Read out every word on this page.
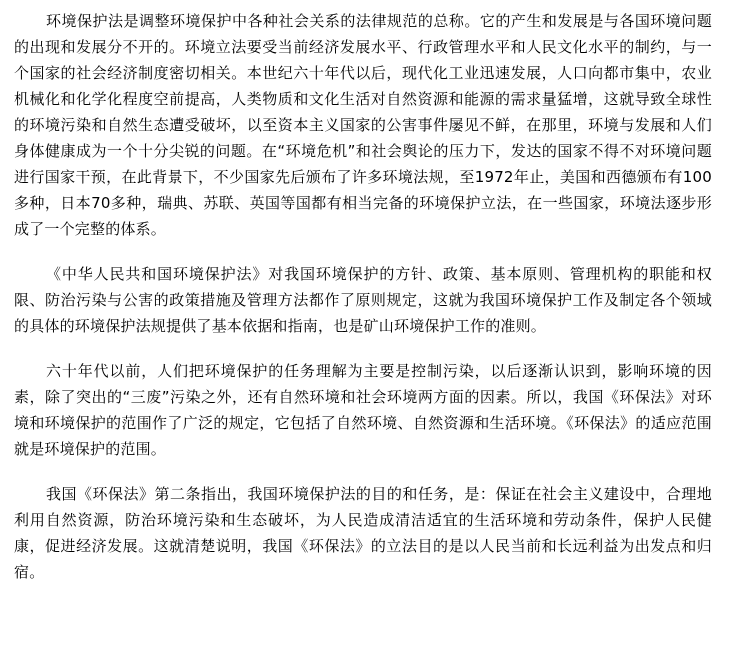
环境保护法是调整环境保护中各种社会关系的法律规范的总称。它的产生和发展是与各国环境问题的出现和发展分不开的。环境立法要受当前经济发展水平、行政管理水平和人民文化水平的制约，与一个国家的社会经济制度密切相关。本世纪六十年代以后，现代化工业迅速发展，人口向都市集中，农业机械化和化学化程度空前提高，人类物质和文化生活对自然资源和能源的需求量猛增，这就导致全球性的环境污染和自然生态遭受破坏，以至资本主义国家的公害事件屡见不鲜，在那里，环境与发展和人们身体健康成为一个十分尖锐的问题。在“环境危机”和社会舆论的压力下，发达的国家不得不对环境问题进行国家干预，在此背景下，不少国家先后颁布了许多环境法规，至1972年止，美国和西德颁布有100多种，日本70多种，瑞典、苏联、英国等国都有相当完备的环境保护立法，在一些国家，环境法逐步形成了一个完整的体系。

《中华人民共和国环境保护法》对我国环境保护的方针、政策、基本原则、管理机构的职能和权限、防治污染与公害的政策措施及管理方法都作了原则规定，这就为我国环境保护工作及制定各个领域的具体的环境保护法规提供了基本依据和指南，也是矿山环境保护工作的准则。

六十年代以前，人们把环境保护的任务理解为主要是控制污染，以后逐渐认识到，影响环境的因素，除了突出的“三废”污染之外，还有自然环境和社会环境两方面的因素。所以，我国《环保法》对环境和环境保护的范围作了广泛的规定，它包括了自然环境、自然资源和生活环境。《环保法》的适应范围就是环境保护的范围。

我国《环保法》第二条指出，我国环境保护法的目的和任务，是：保证在社会主义建设中，合理地利用自然资源，防治环境污染和生态破坏，为人民造成清洁适宜的生活环境和劳动条件，保护人民健康，促进经济发展。这就清楚说明，我国《环保法》的立法目的是以人民当前和长远利益为出发点和归宿。
